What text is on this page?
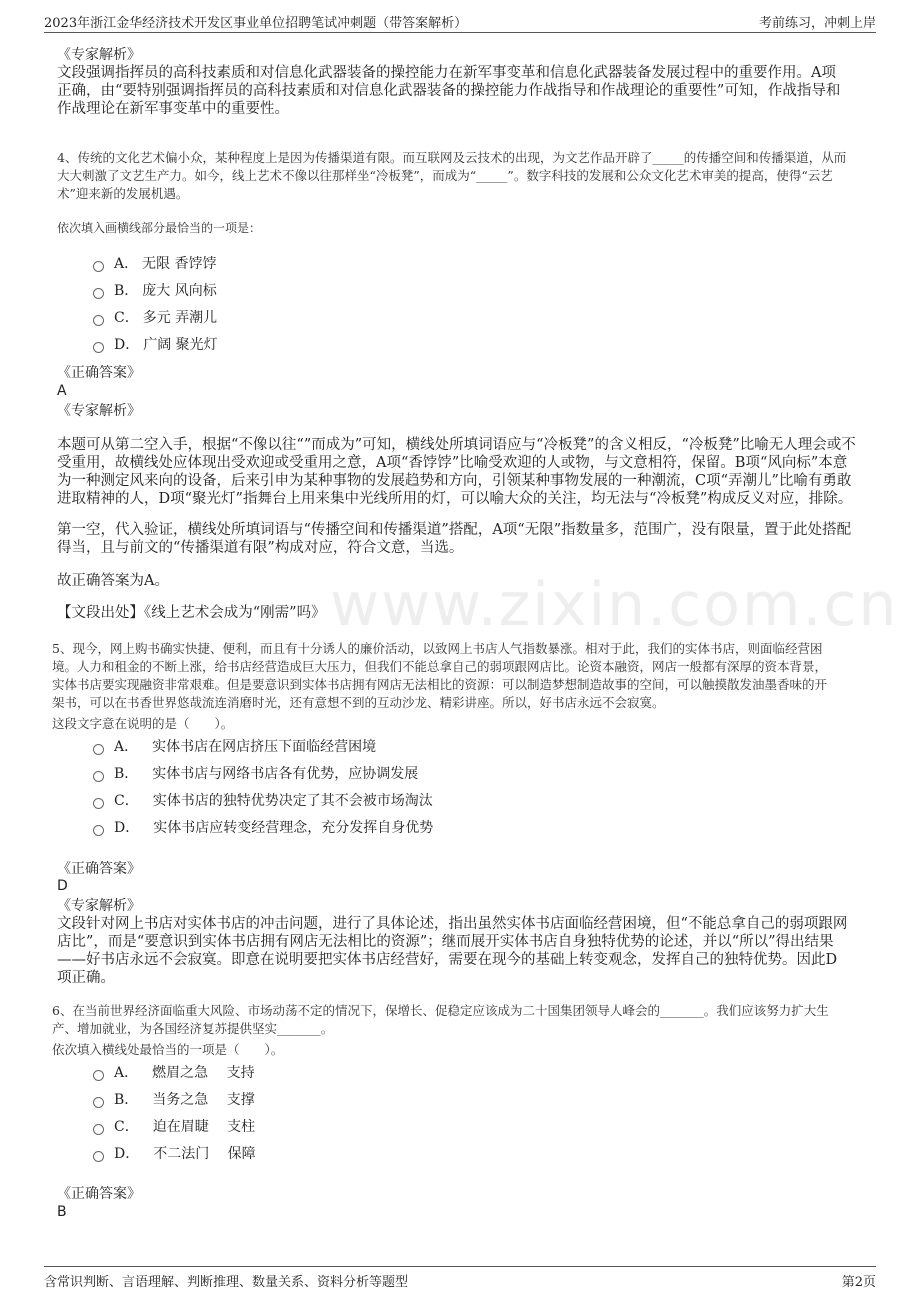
2023年浙江金华经济技术开发区事业单位招聘笔试冲刺题（带答案解析）	考前练习，冲刺上岸
www.zixin.com.cn
《专家解析》
文段强调指挥员的高科技素质和对信息化武器装备的操控能力在新军事变革和信息化武器装备发展过程中的重要作用。A项
正确，由“要特别强调指挥员的高科技素质和对信息化武器装备的操控能力作战指导和作战理论的重要性”可知，作战指导和
作战理论在新军事变革中的重要性。
4、传统的文化艺术偏小众，某种程度上是因为传播渠道有限。而互联网及云技术的出现，为文艺作品开辟了_____的传播空间和传播渠道，从而
大大刺激了文艺生产力。如今，线上艺术不像以往那样坐“冷板凳”，而成为“_____”。数字科技的发展和公众文化艺术审美的提高，使得“云艺
术”迎来新的发展机遇。
依次填入画横线部分最恰当的一项是：
A． 无限 香饽饽
B． 庞大 风向标
C． 多元 弄潮儿
D． 广阔 聚光灯
《正确答案》
A
《专家解析》
本题可从第二空入手，根据“不像以往“”而成为”可知，横线处所填词语应与“冷板凳”的含义相反，“冷板凳”比喻无人理会或不
受重用，故横线处应体现出受欢迎或受重用之意，A项“香饽饽”比喻受欢迎的人或物，与文意相符，保留。B项“风向标”本意
为一种测定风来向的设备，后来引申为某种事物的发展趋势和方向，引领某种事物发展的一种潮流，C项“弄潮儿”比喻有勇敢
进取精神的人，D项“聚光灯”指舞台上用来集中光线所用的灯，可以喻大众的关注，均无法与“冷板凳”构成反义对应，排除。
第一空，代入验证，横线处所填词语与“传播空间和传播渠道”搭配，A项“无限”指数量多，范围广，没有限量，置于此处搭配
得当，且与前文的“传播渠道有限”构成对应，符合文意，当选。
故正确答案为A。
【文段出处】《线上艺术会成为“刚需”吗》
5、现今，网上购书确实快捷、便利，而且有十分诱人的廉价活动，以致网上书店人气指数暴涨。相对于此，我们的实体书店，则面临经营困
境。人力和租金的不断上涨，给书店经营造成巨大压力，但我们不能总拿自己的弱项跟网店比。论资本融资，网店一般都有深厚的资本背景，
实体书店要实现融资非常艰难。但是要意识到实体书店拥有网店无法相比的资源：可以制造梦想制造故事的空间，可以触摸散发油墨香味的开
架书，可以在书香世界悠哉流连消磨时光，还有意想不到的互动沙龙、精彩讲座。所以，好书店永远不会寂寞。
这段文字意在说明的是（　　）。
A． 实体书店在网店挤压下面临经营困境
B． 实体书店与网络书店各有优势，应协调发展
C． 实体书店的独特优势决定了其不会被市场淘汰
D． 实体书店应转变经营理念，充分发挥自身优势
《正确答案》
D
《专家解析》
文段针对网上书店对实体书店的冲击问题，进行了具体论述，指出虽然实体书店面临经营困境，但“不能总拿自己的弱项跟网
店比”，而是“要意识到实体书店拥有网店无法相比的资源”；继而展开实体书店自身独特优势的论述，并以“所以”得出结果
——好书店永远不会寂寞。即意在说明要把实体书店经营好，需要在现今的基础上转变观念，发挥自己的独特优势。因此D
项正确。
6、在当前世界经济面临重大风险、市场动荡不定的情况下，保增长、促稳定应该成为二十国集团领导人峰会的_______。我们应该努力扩大生
产、增加就业，为各国经济复苏提供坚实_______。
依次填入横线处最恰当的一项是（　　）。
A． 燃眉之急　 支持
B． 当务之急　 支撑
C． 迫在眉睫　 支柱
D． 不二法门　 保障
《正确答案》
B
含常识判断、言语理解、判断推理、数量关系、资料分析等题型	第2页
